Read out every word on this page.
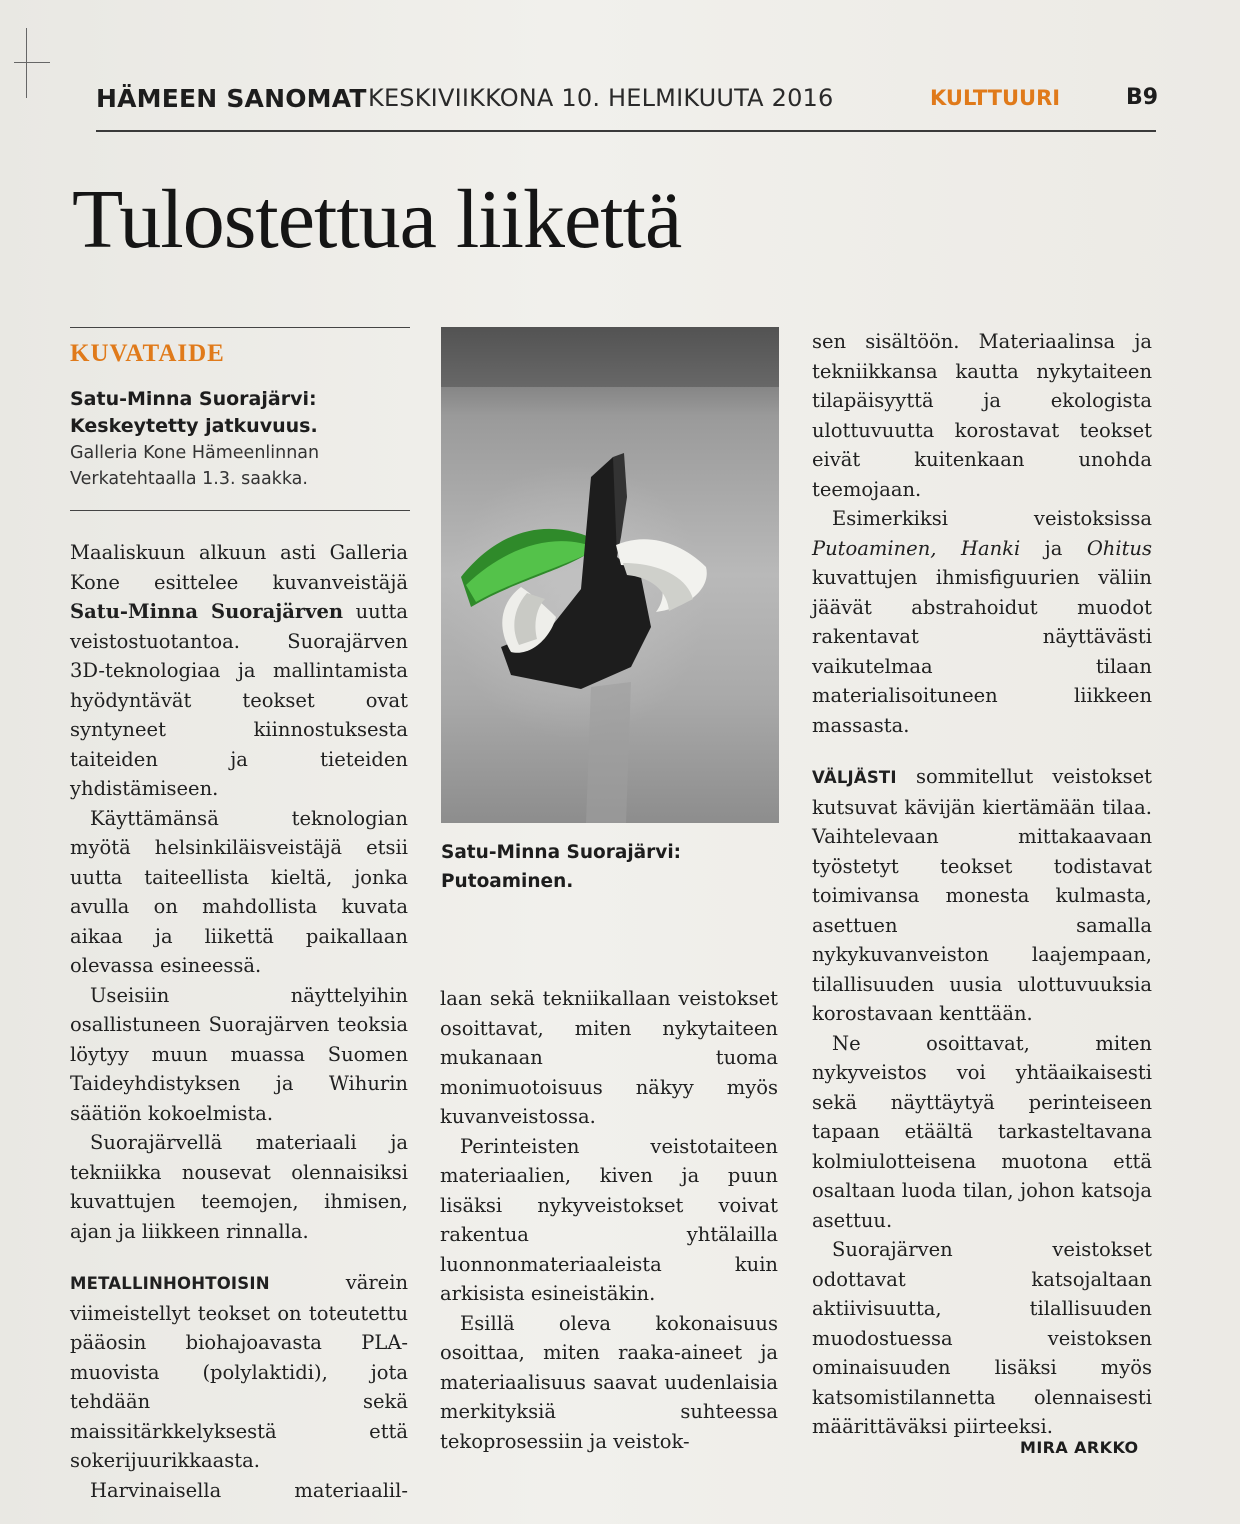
HÄMEEN SANOMAT KESKIVIIKKONA 10. HELMIKUUTA 2016	KULTTUURI	B9
Tulostettua liikettä
KUVATAIDE
Satu-Minna Suorajärvi:
Keskeytetty jatkuvuus.
Galleria Kone Hämeenlinnan
Verkatehtaalla 1.3. saakka.

Maaliskuun alkuun asti Galleria Kone esittelee kuvanveistäjä Satu-Minna Suorajärven uutta veistostuotantoa. Suorajärven 3D-teknologiaa ja mallintamista hyödyntävät teokset ovat syntyneet kiinnostuksesta taiteiden ja tieteiden yhdistämiseen.

Käyttämänsä teknologian myötä helsinkiläisveistäjä etsii uutta taiteellista kieltä, jonka avulla on mahdollista kuvata aikaa ja liikettä paikallaan olevassa esineessä.

Useisiin näyttelyihin osallistuneen Suorajärven teoksia löytyy muun muassa Suomen Taideyhdistyksen ja Wihurin säätiön kokoelmista.

Suorajärvellä materiaali ja tekniikka nousevat olennaisiksi kuvattujen teemojen, ihmisen, ajan ja liikkeen rinnalla.

METALLINHOHTOISIN värein viimeistellyt teokset on toteutettu pääosin biohajoavasta PLA-muovista (polylaktidi), jota tehdään sekä maissitärkkelyksestä että sokerijuurikkaasta.

Harvinaisella materiaalil-

Satu-Minna Suorajärvi:
Putoaminen.

laan sekä tekniikallaan veistokset osoittavat, miten nykytaiteen mukanaan tuoma monimuotoisuus näkyy myös kuvanveistossa.

Perinteisten veistotaiteen materiaalien, kiven ja puun lisäksi nykyveistokset voivat rakentua yhtälailla luonnonmateriaaleista kuin arkisista esineistäkin.

Esillä oleva kokonaisuus osoittaa, miten raaka-aineet ja materiaalisuus saavat uudenlaisia merkityksiä suhteessa tekoprosessiin ja veistok-

sen sisältöön. Materiaalinsa ja tekniikkansa kautta nykytaiteen tilapäisyyttä ja ekologista ulottuvuutta korostavat teokset eivät kuitenkaan unohda teemojaan.

Esimerkiksi veistoksissa Putoaminen, Hanki ja Ohitus kuvattujen ihmisfiguurien väliin jäävät abstrahoidut muodot rakentavat näyttävästi vaikutelmaa tilaan materialisoituneen liikkeen massasta.

VÄLJÄSTI sommitellut veistokset kutsuvat kävijän kiertämään tilaa. Vaihtelevaan mittakaavaan työstetyt teokset todistavat toimivansa monesta kulmasta, asettuen samalla nykykuvanveiston laajempaan, tilallisuuden uusia ulottuvuuksia korostavaan kenttään.

Ne osoittavat, miten nykyveistos voi yhtäaikaisesti sekä näyttäytyä perinteiseen tapaan etäältä tarkasteltavana kolmiulotteisena muotona että osaltaan luoda tilan, johon katsoja asettuu.

Suorajärven veistokset odottavat katsojaltaan aktiivisuutta, tilallisuuden muodostuessa veistoksen ominaisuuden lisäksi myös katsomistilannetta olennaisesti määrittäväksi piirteeksi.

MIRA ARKKO
